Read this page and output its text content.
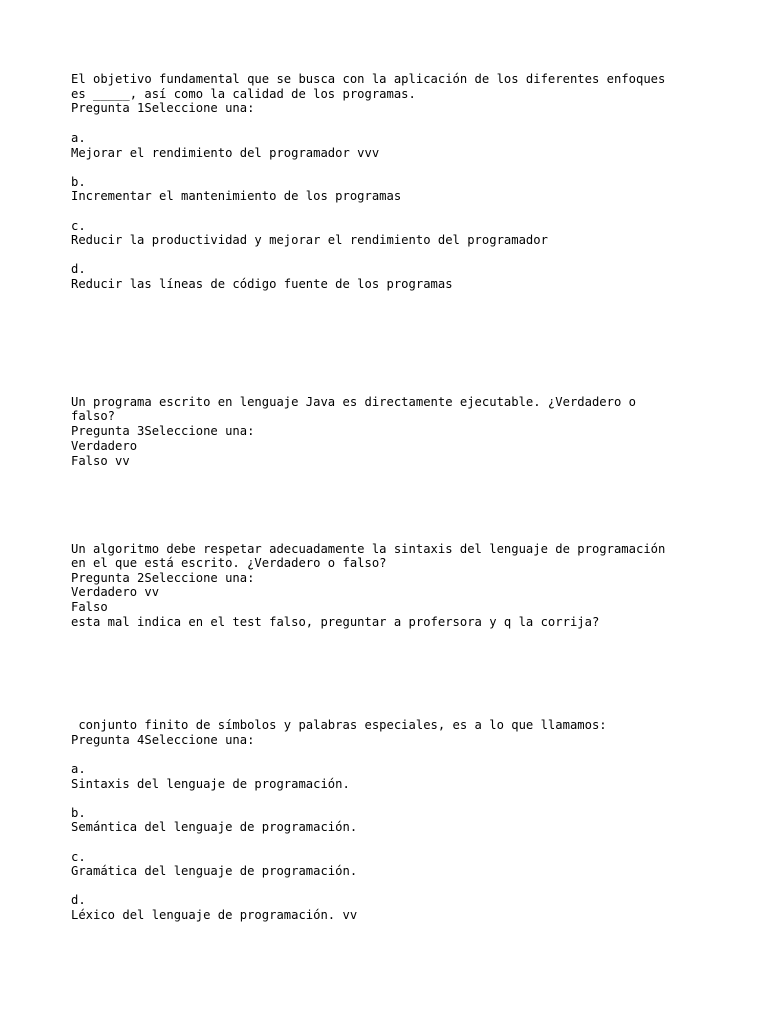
El objetivo fundamental que se busca con la aplicación de los diferentes enfoques
es _____, así como la calidad de los programas.
Pregunta 1Seleccione una:
a.
Mejorar el rendimiento del programador vvv
b.
Incrementar el mantenimiento de los programas
c.
Reducir la productividad y mejorar el rendimiento del programador
d.
Reducir las líneas de código fuente de los programas
Un programa escrito en lenguaje Java es directamente ejecutable. ¿Verdadero o
falso?
Pregunta 3Seleccione una:
Verdadero
Falso vv
Un algoritmo debe respetar adecuadamente la sintaxis del lenguaje de programación
en el que está escrito. ¿Verdadero o falso?
Pregunta 2Seleccione una:
Verdadero vv
Falso
esta mal indica en el test falso, preguntar a profersora y q la corrija?
conjunto finito de símbolos y palabras especiales, es a lo que llamamos:
Pregunta 4Seleccione una:
a.
Sintaxis del lenguaje de programación.
b.
Semántica del lenguaje de programación.
c.
Gramática del lenguaje de programación.
d.
Léxico del lenguaje de programación. vv
